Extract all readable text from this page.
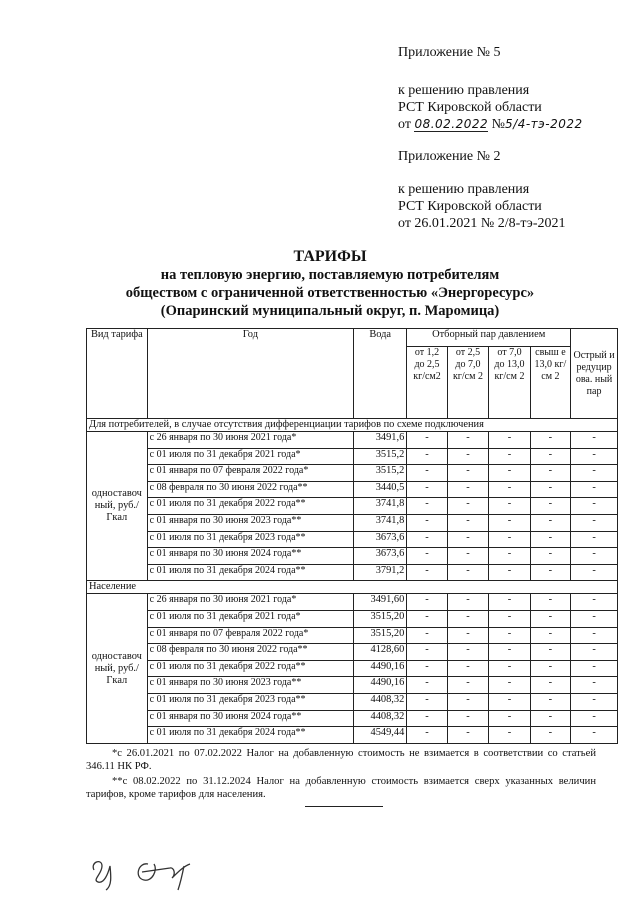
Приложение № 5
к решению правления
РСТ Кировской области
от 08.02.2022 №5/4-тэ-2022
Приложение № 2
к решению правления
РСТ Кировской области
от 26.01.2021 № 2/8-тэ-2021
ТАРИФЫ
на тепловую энергию, поставляемую потребителям
обществом с ограниченной ответственностью «Энергоресурс»
(Опаринский муниципальный округ, п. Маромица)
Вид тарифа	Год	Вода	Отборный пар давлением				Острый и редуцир ова. ный пар
			от 1,2 до 2,5 кг/см2	от 2,5 до 7,0 кг/см 2	от 7,0 до 13,0 кг/см 2	свыш е 13,0 кг/см 2	
Для потребителей, в случае отсутствия дифференциации тарифов по схеме подключения							
одноставоч ный, руб./Гкал	с 26 января по 30 июня 2021 года*	3491,6	-	-	-	-	-
	с 01 июля по 31 декабря 2021 года*	3515,2	-	-	-	-	-
	с 01 января по 07 февраля 2022 года*	3515,2	-	-	-	-	-
	с 08 февраля по 30 июня 2022 года**	3440,5	-	-	-	-	-
	с 01 июля по 31 декабря 2022 года**	3741,8	-	-	-	-	-
	с 01 января по 30 июня 2023 года**	3741,8	-	-	-	-	-
	с 01 июля по 31 декабря 2023 года**	3673,6	-	-	-	-	-
	с 01 января по 30 июня 2024 года**	3673,6	-	-	-	-	-
	с 01 июля по 31 декабря 2024 года**	3791,2	-	-	-	-	-
Население							
одноставоч ный, руб./Гкал	с 26 января по 30 июня 2021 года*	3491,60	-	-	-	-	-
	с 01 июля по 31 декабря 2021 года*	3515,20	-	-	-	-	-
	с 01 января по 07 февраля 2022 года*	3515,20	-	-	-	-	-
	с 08 февраля по 30 июня 2022 года**	4128,60	-	-	-	-	-
	с 01 июля по 31 декабря 2022 года**	4490,16	-	-	-	-	-
	с 01 января по 30 июня 2023 года**	4490,16	-	-	-	-	-
	с 01 июля по 31 декабря 2023 года**	4408,32	-	-	-	-	-
	с 01 января по 30 июня 2024 года**	4408,32	-	-	-	-	-
	с 01 июля по 31 декабря 2024 года**	4549,44	-	-	-	-	-
*с 26.01.2021 по 07.02.2022 Налог на добавленную стоимость не взимается в соответствии со статьей 346.11 НК РФ.
**с 08.02.2022 по 31.12.2024 Налог на добавленную стоимость взимается сверх указанных величин тарифов, кроме тарифов для населения.
